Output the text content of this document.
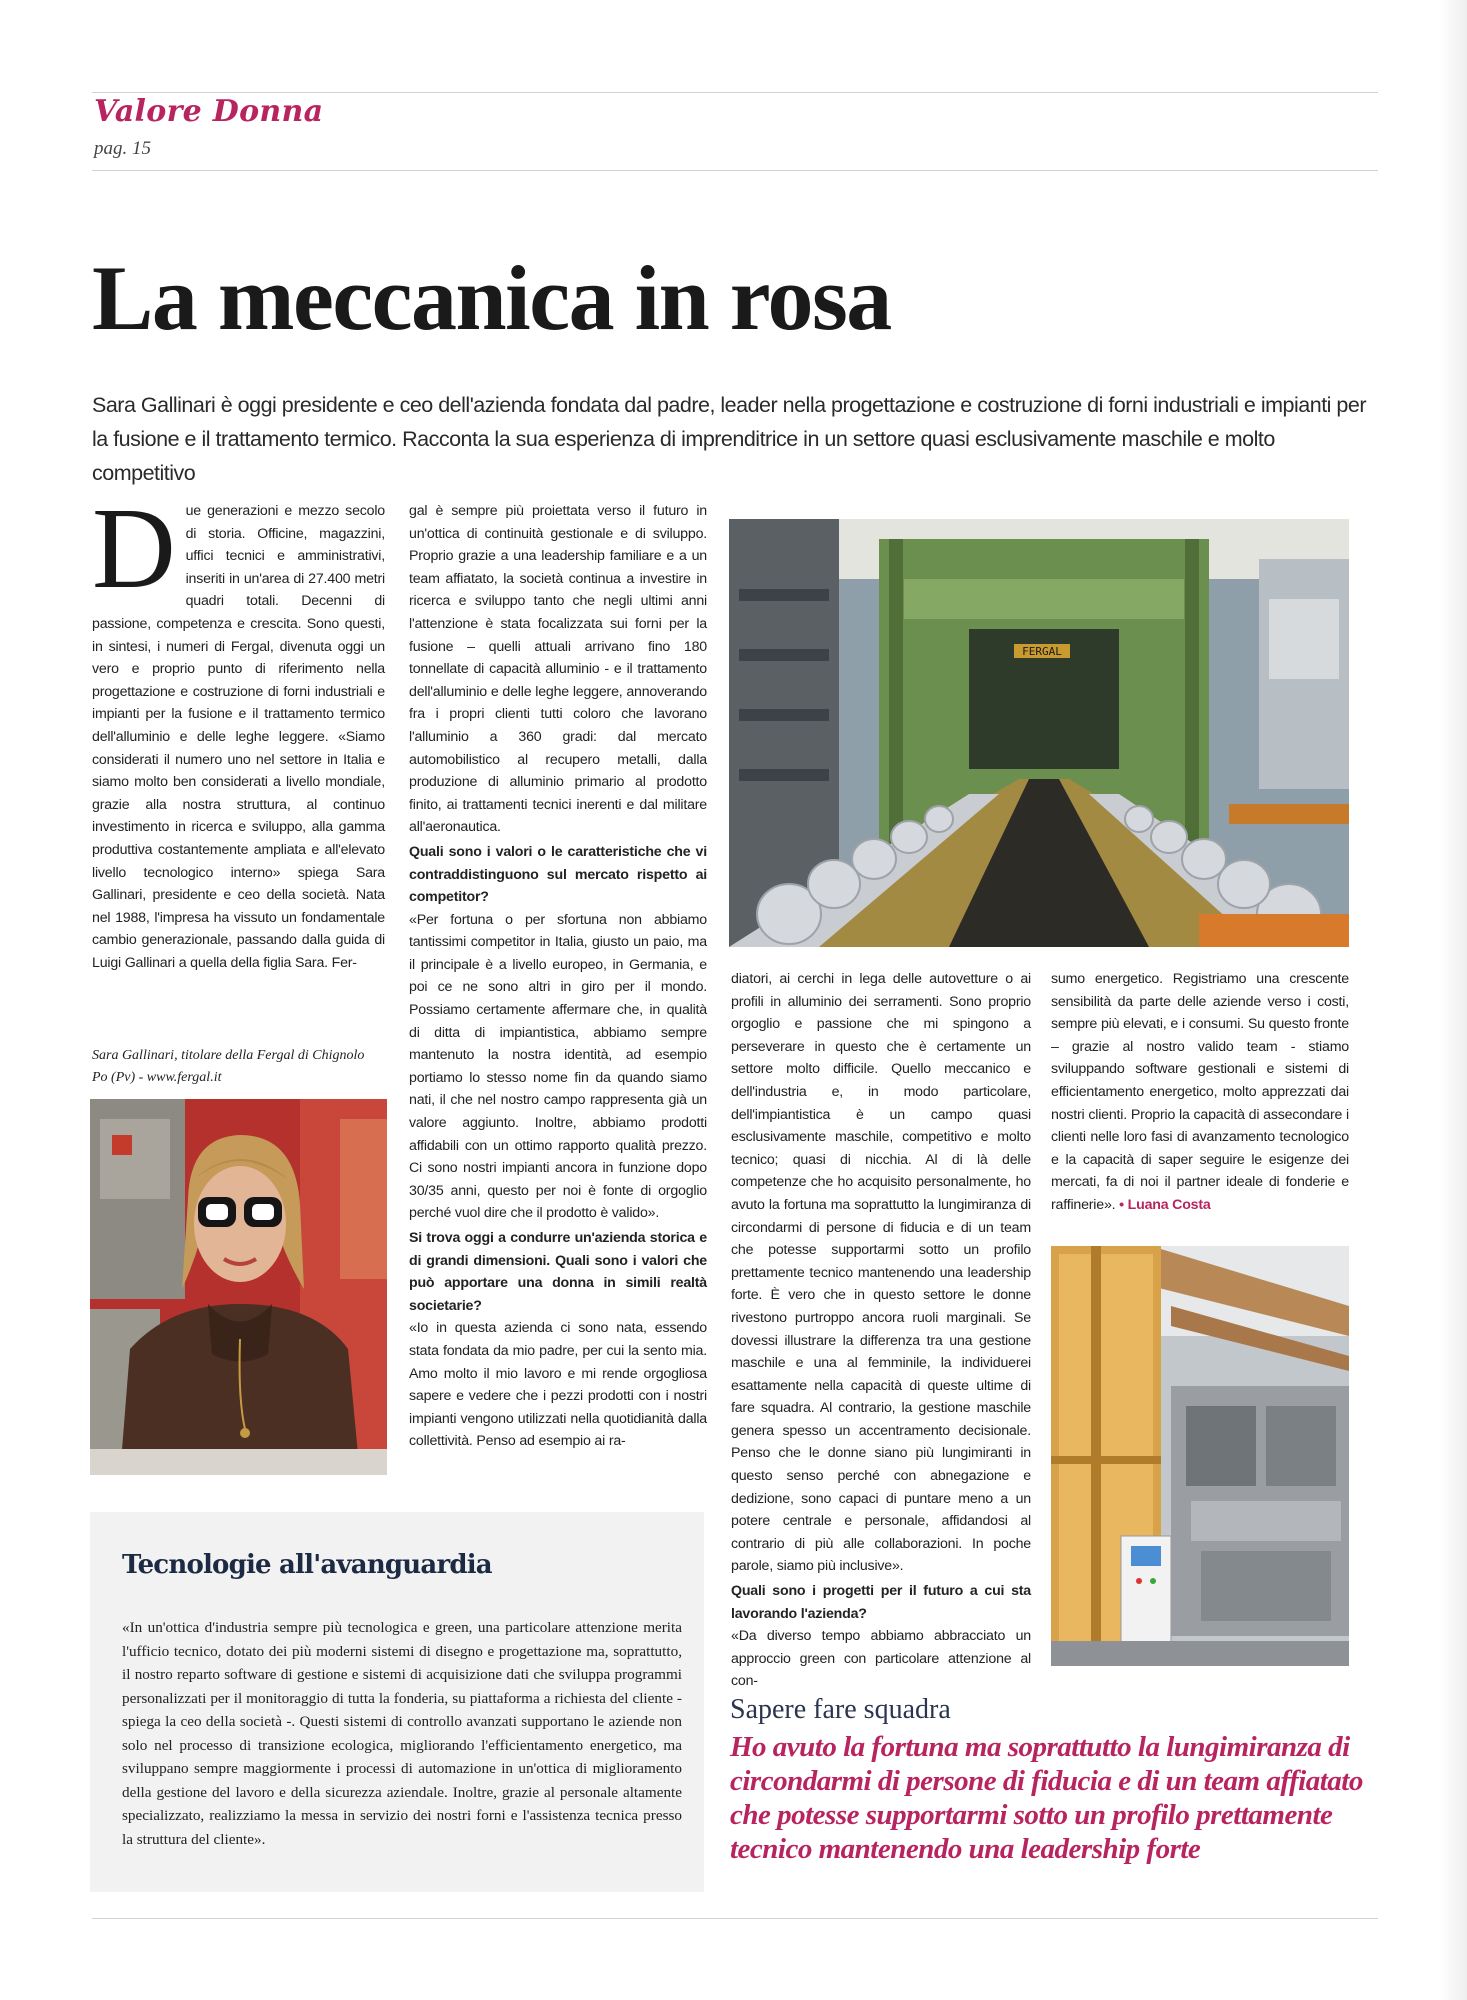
Valore Donna
pag. 15
La meccanica in rosa

Sara Gallinari è oggi presidente e ceo dell'azienda fondata dal padre, leader nella progettazione e costruzione di forni industriali e impianti per la fusione e il trattamento termico. Racconta la sua esperienza di imprenditrice in un settore quasi esclusivamente maschile e molto competitivo

D ue generazioni e mezzo secolo di storia. Officine, magazzini, uffici tecnici e amministrativi, inseriti in un'area di 27.400 metri quadri totali. Decenni di passione, competenza e crescita. Sono questi, in sintesi, i numeri di Fergal, divenuta oggi un vero e proprio punto di riferimento nella progettazione e costruzione di forni industriali e impianti per la fusione e il trattamento termico dell'alluminio e delle leghe leggere. «Siamo considerati il numero uno nel settore in Italia e siamo molto ben considerati a livello mondiale, grazie alla nostra struttura, al continuo investimento in ricerca e sviluppo, alla gamma produttiva costantemente ampliata e all'elevato livello tecnologico interno» spiega Sara Gallinari, presidente e ceo della società. Nata nel 1988, l'impresa ha vissuto un fondamentale cambio generazionale, passando dalla guida di Luigi Gallinari a quella della figlia Sara. Fer-

Sara Gallinari, titolare della Fergal di Chignolo Po (Pv) - www.fergal.it

gal è sempre più proiettata verso il futuro in un'ottica di continuità gestionale e di sviluppo. Proprio grazie a una leadership familiare e a un team affiatato, la società continua a investire in ricerca e sviluppo tanto che negli ultimi anni l'attenzione è stata focalizzata sui forni per la fusione – quelli attuali arrivano fino 180 tonnellate di capacità alluminio - e il trattamento dell'alluminio e delle leghe leggere, annoverando fra i propri clienti tutti coloro che lavorano l'alluminio a 360 gradi: dal mercato automobilistico al recupero metalli, dalla produzione di alluminio primario al prodotto finito, ai trattamenti tecnici inerenti e dal militare all'aeronautica.

Quali sono i valori o le caratteristiche che vi contraddistinguono sul mercato rispetto ai competitor?

«Per fortuna o per sfortuna non abbiamo tantissimi competitor in Italia, giusto un paio, ma il principale è a livello europeo, in Germania, e poi ce ne sono altri in giro per il mondo. Possiamo certamente affermare che, in qualità di ditta di impiantistica, abbiamo sempre mantenuto la nostra identità, ad esempio portiamo lo stesso nome fin da quando siamo nati, il che nel nostro campo rappresenta già un valore aggiunto. Inoltre, abbiamo prodotti affidabili con un ottimo rapporto qualità prezzo. Ci sono nostri impianti ancora in funzione dopo 30/35 anni, questo per noi è fonte di orgoglio perché vuol dire che il prodotto è valido».

Si trova oggi a condurre un'azienda storica e di grandi dimensioni. Quali sono i valori che può apportare una donna in simili realtà societarie?

«Io in questa azienda ci sono nata, essendo stata fondata da mio padre, per cui la sento mia. Amo molto il mio lavoro e mi rende orgogliosa sapere e vedere che i pezzi prodotti con i nostri impianti vengono utilizzati nella quotidianità dalla collettività. Penso ad esempio ai ra-

FERGAL

diatori, ai cerchi in lega delle autovetture o ai profili in alluminio dei serramenti. Sono proprio orgoglio e passione che mi spingono a perseverare in questo che è certamente un settore molto difficile. Quello meccanico e dell'industria e, in modo particolare, dell'impiantistica è un campo quasi esclusivamente maschile, competitivo e molto tecnico; quasi di nicchia. Al di là delle competenze che ho acquisito personalmente, ho avuto la fortuna ma soprattutto la lungimiranza di circondarmi di persone di fiducia e di un team che potesse supportarmi sotto un profilo prettamente tecnico mantenendo una leadership forte. È vero che in questo settore le donne rivestono purtroppo ancora ruoli marginali. Se dovessi illustrare la differenza tra una gestione maschile e una al femminile, la individuerei esattamente nella capacità di queste ultime di fare squadra. Al contrario, la gestione maschile genera spesso un accentramento decisionale. Penso che le donne siano più lungimiranti in questo senso perché con abnegazione e dedizione, sono capaci di puntare meno a un potere centrale e personale, affidandosi al contrario di più alle collaborazioni. In poche parole, siamo più inclusive».

Quali sono i progetti per il futuro a cui sta lavorando l'azienda?

«Da diverso tempo abbiamo abbracciato un approccio green con particolare attenzione al con-

sumo energetico. Registriamo una crescente sensibilità da parte delle aziende verso i costi, sempre più elevati, e i consumi. Su questo fronte – grazie al nostro valido team - stiamo sviluppando software gestionali e sistemi di efficientamento energetico, molto apprezzati dai nostri clienti. Proprio la capacità di assecondare i clienti nelle loro fasi di avanzamento tecnologico e la capacità di saper seguire le esigenze dei mercati, fa di noi il partner ideale di fonderie e raffinerie». • Luana Costa

Tecnologie all'avanguardia

«In un'ottica d'industria sempre più tecnologica e green, una particolare attenzione merita l'ufficio tecnico, dotato dei più moderni sistemi di disegno e progettazione ma, soprattutto, il nostro reparto software di gestione e sistemi di acquisizione dati che sviluppa programmi personalizzati per il monitoraggio di tutta la fonderia, su piattaforma a richiesta del cliente - spiega la ceo della società -. Questi sistemi di controllo avanzati supportano le aziende non solo nel processo di transizione ecologica, migliorando l'efficientamento energetico, ma sviluppano sempre maggiormente i processi di automazione in un'ottica di miglioramento della gestione del lavoro e della sicurezza aziendale. Inoltre, grazie al personale altamente specializzato, realizziamo la messa in servizio dei nostri forni e l'assistenza tecnica presso la struttura del cliente».

Sapere fare squadra

Ho avuto la fortuna ma soprattutto la lungimiranza di circondarmi di persone di fiducia e di un team affiatato che potesse supportarmi sotto un profilo prettamente tecnico mantenendo una leadership forte
